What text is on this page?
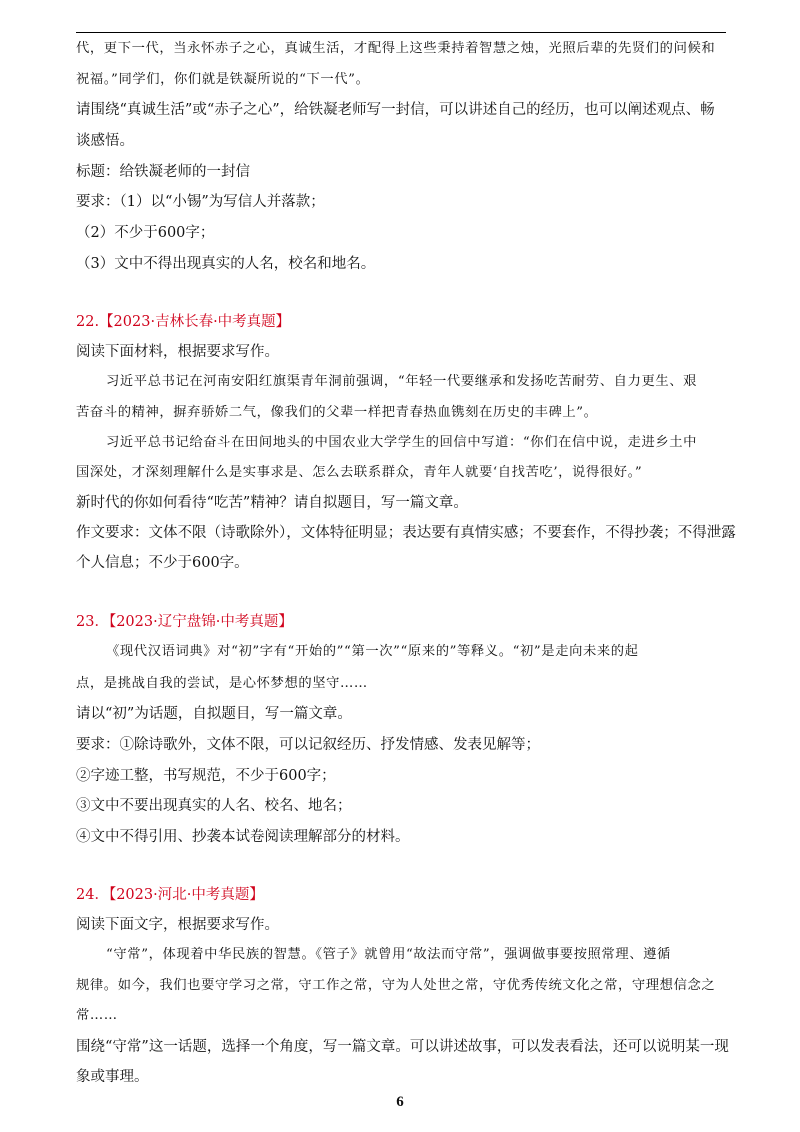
代，更下一代，当永怀赤子之心，真诚生活，才配得上这些秉持着智慧之烛，光照后辈的先贤们的问候和
祝福。”同学们，你们就是铁凝所说的“下一代”。
请围绕“真诚生活”或“赤子之心”，给铁凝老师写一封信，可以讲述自己的经历，也可以阐述观点、畅
谈感悟。
标题：给铁凝老师的一封信
要求：（1）以“小锡”为写信人并落款；
（2）不少于600字；
（3）文中不得出现真实的人名，校名和地名。
22.【2023·吉林长春·中考真题】
阅读下面材料，根据要求写作。
习近平总书记在河南安阳红旗渠青年洞前强调，“年轻一代要继承和发扬吃苦耐劳、自力更生、艰
苦奋斗的精神，摒弃骄娇二气，像我们的父辈一样把青春热血镌刻在历史的丰碑上”。
习近平总书记给奋斗在田间地头的中国农业大学学生的回信中写道：“你们在信中说，走进乡土中
国深处，才深刻理解什么是实事求是、怎么去联系群众，青年人就要‘自找苦吃’，说得很好。”
新时代的你如何看待“吃苦”精神？请自拟题目，写一篇文章。
作文要求：文体不限（诗歌除外），文体特征明显；表达要有真情实感；不要套作，不得抄袭；不得泄露
个人信息；不少于600字。
23．【2023·辽宁盘锦·中考真题】
《现代汉语词典》对“初”字有“开始的”“第一次”“原来的”等释义。“初”是走向未来的起
点，是挑战自我的尝试，是心怀梦想的坚守……
请以“初”为话题，自拟题目，写一篇文章。
要求：①除诗歌外，文体不限，可以记叙经历、抒发情感、发表见解等；
②字迹工整，书写规范，不少于600字；
③文中不要出现真实的人名、校名、地名；
④文中不得引用、抄袭本试卷阅读理解部分的材料。
24．【2023·河北·中考真题】
阅读下面文字，根据要求写作。
“守常”，体现着中华民族的智慧。《管子》就曾用“故法而守常”，强调做事要按照常理、遵循
规律。如今，我们也要守学习之常，守工作之常，守为人处世之常，守优秀传统文化之常，守理想信念之
常……
围绕“守常”这一话题，选择一个角度，写一篇文章。可以讲述故事，可以发表看法，还可以说明某一现
象或事理。
6
